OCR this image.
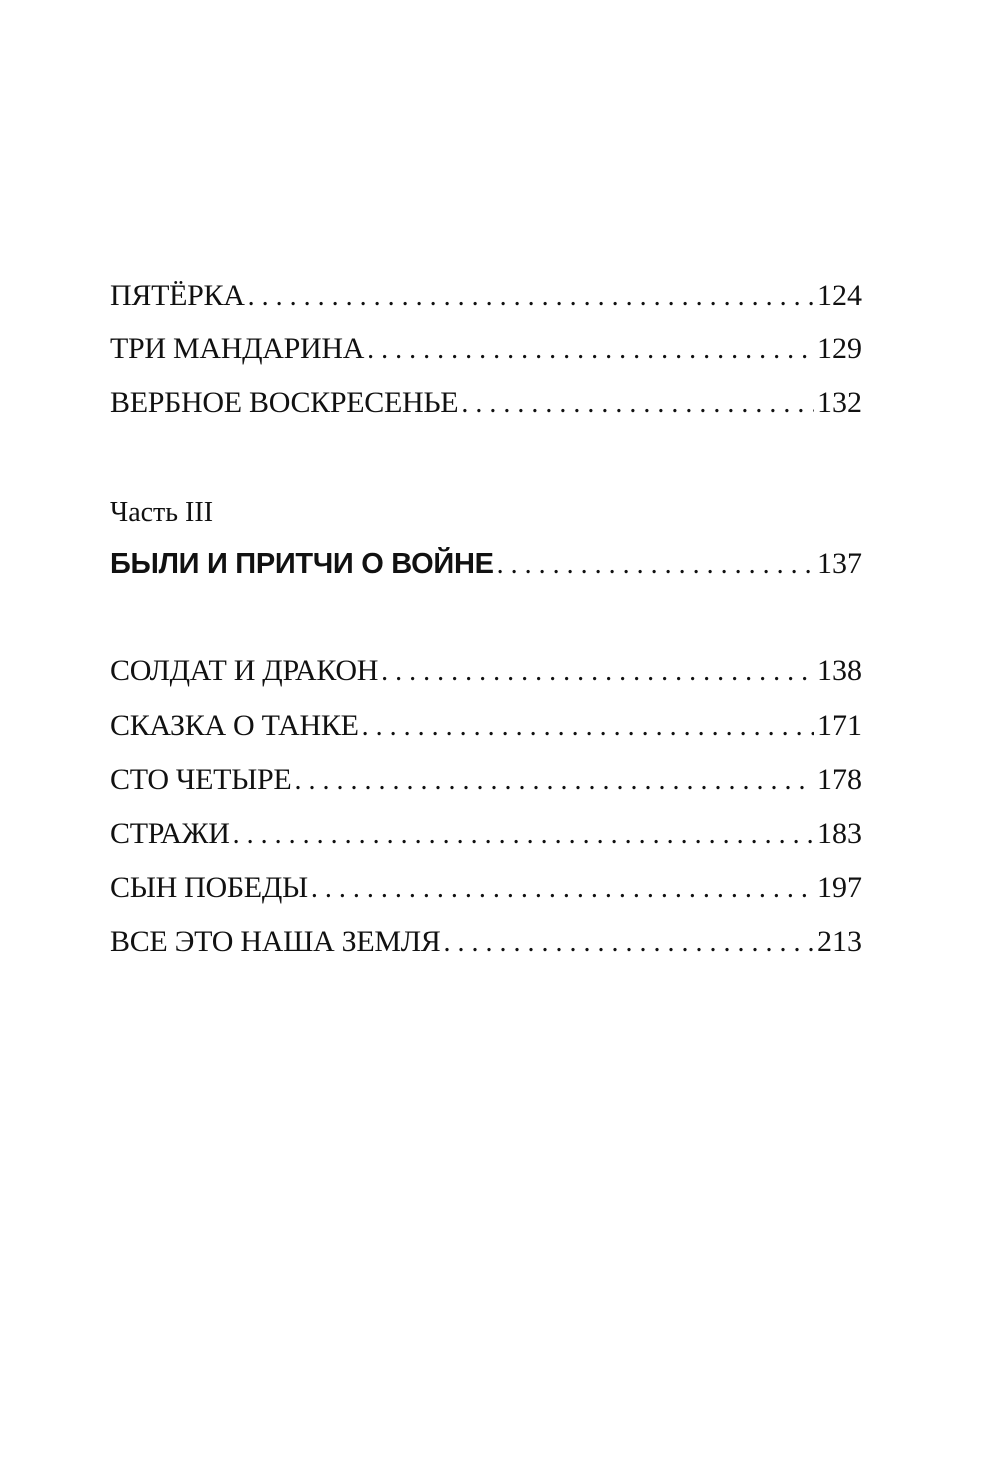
ПЯТЁРКА . . .	124
ТРИ МАНДАРИНА . . .	129
ВЕРБНОЕ ВОСКРЕСЕНЬЕ . . .	132
Часть III
БЫЛИ И ПРИТЧИ О ВОЙНЕ . . .	137
СОЛДАТ И ДРАКОН . . .	138
СКАЗКА О ТАНКЕ . . .	171
СТО ЧЕТЫРЕ . . .	178
СТРАЖИ . . .	183
СЫН ПОБЕДЫ . . .	197
ВСЕ ЭТО НАША ЗЕМЛЯ . . .	213
